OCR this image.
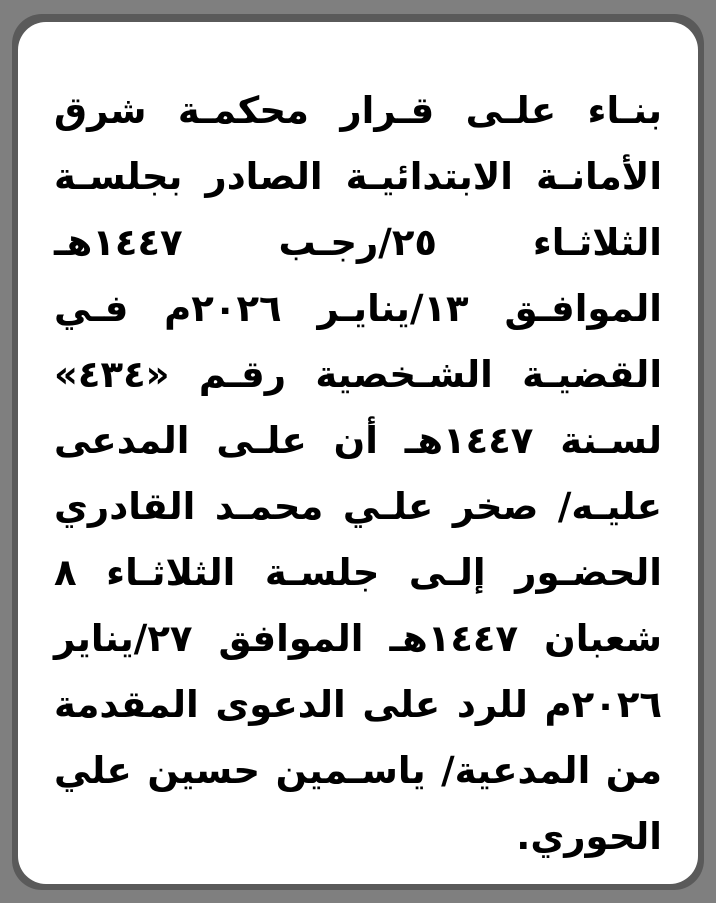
بنـاء علـى قـرار محكمـة شرق
الأمانـة الابتدائيـة الصادر بجلسـة
الثلاثـاء ٢٥/رجـب ١٤٤٧هـ
الموافـق ١٣/ينايـر ٢٠٢٦م فـي
القضيـة الشـخصية رقـم «٤٣٤»
لسـنة ١٤٤٧هـ أن علـى المدعى
عليـه/ صخر علـي محمـد القادري
الحضـور إلـى جلسـة الثلاثـاء ٨
شعبان ١٤٤٧هـ الموافق ٢٧/يناير
٢٠٢٦م للرد على الدعوى المقدمة
من المدعية/ ياسـمين حسين علي
الحوري.
